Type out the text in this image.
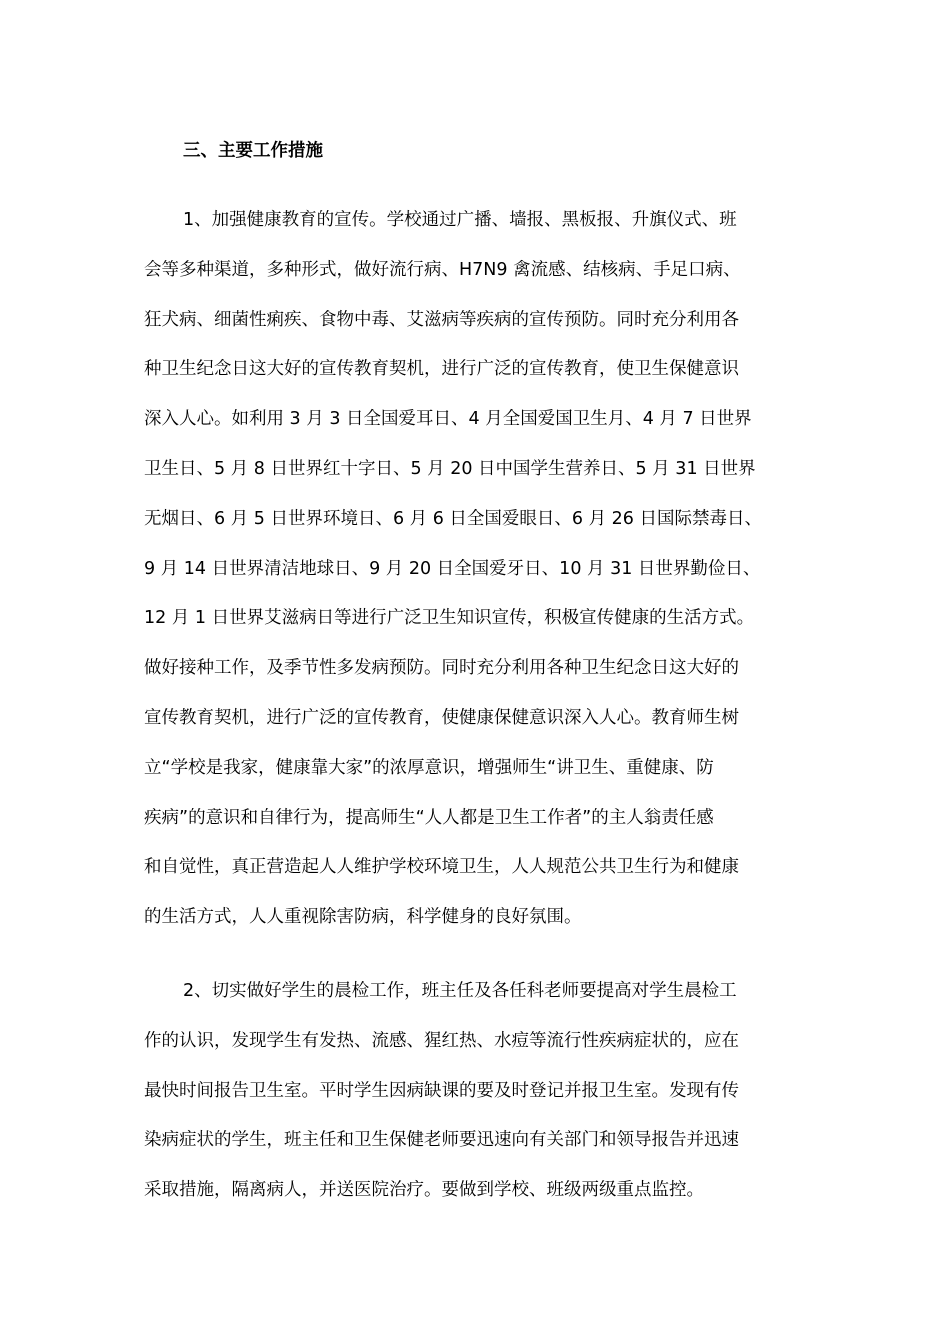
三、主要工作措施
1、加强健康教育的宣传。学校通过广播、墙报、黑板报、升旗仪式、班
会等多种渠道，多种形式，做好流行病、H7N9 禽流感、结核病、手足口病、
狂犬病、细菌性痢疾、食物中毒、艾滋病等疾病的宣传预防。同时充分利用各
种卫生纪念日这大好的宣传教育契机，进行广泛的宣传教育，使卫生保健意识
深入人心。如利用 3 月 3 日全国爱耳日、4 月全国爱国卫生月、4 月 7 日世界
卫生日、5 月 8 日世界红十字日、5 月 20 日中国学生营养日、5 月 31 日世界
无烟日、6 月 5 日世界环境日、6 月 6 日全国爱眼日、6 月 26 日国际禁毒日、
9 月 14 日世界清洁地球日、9 月 20 日全国爱牙日、10 月 31 日世界勤俭日、
12 月 1 日世界艾滋病日等进行广泛卫生知识宣传，积极宣传健康的生活方式。
做好接种工作，及季节性多发病预防。同时充分利用各种卫生纪念日这大好的
宣传教育契机，进行广泛的宣传教育，使健康保健意识深入人心。教育师生树
立“学校是我家，健康靠大家”的浓厚意识，增强师生“讲卫生、重健康、防
疾病”的意识和自律行为，提高师生“人人都是卫生工作者”的主人翁责任感
和自觉性，真正营造起人人维护学校环境卫生，人人规范公共卫生行为和健康
的生活方式，人人重视除害防病，科学健身的良好氛围。
2、切实做好学生的晨检工作，班主任及各任科老师要提高对学生晨检工
作的认识，发现学生有发热、流感、猩红热、水痘等流行性疾病症状的，应在
最快时间报告卫生室。平时学生因病缺课的要及时登记并报卫生室。发现有传
染病症状的学生，班主任和卫生保健老师要迅速向有关部门和领导报告并迅速
采取措施，隔离病人，并送医院治疗。要做到学校、班级两级重点监控。
